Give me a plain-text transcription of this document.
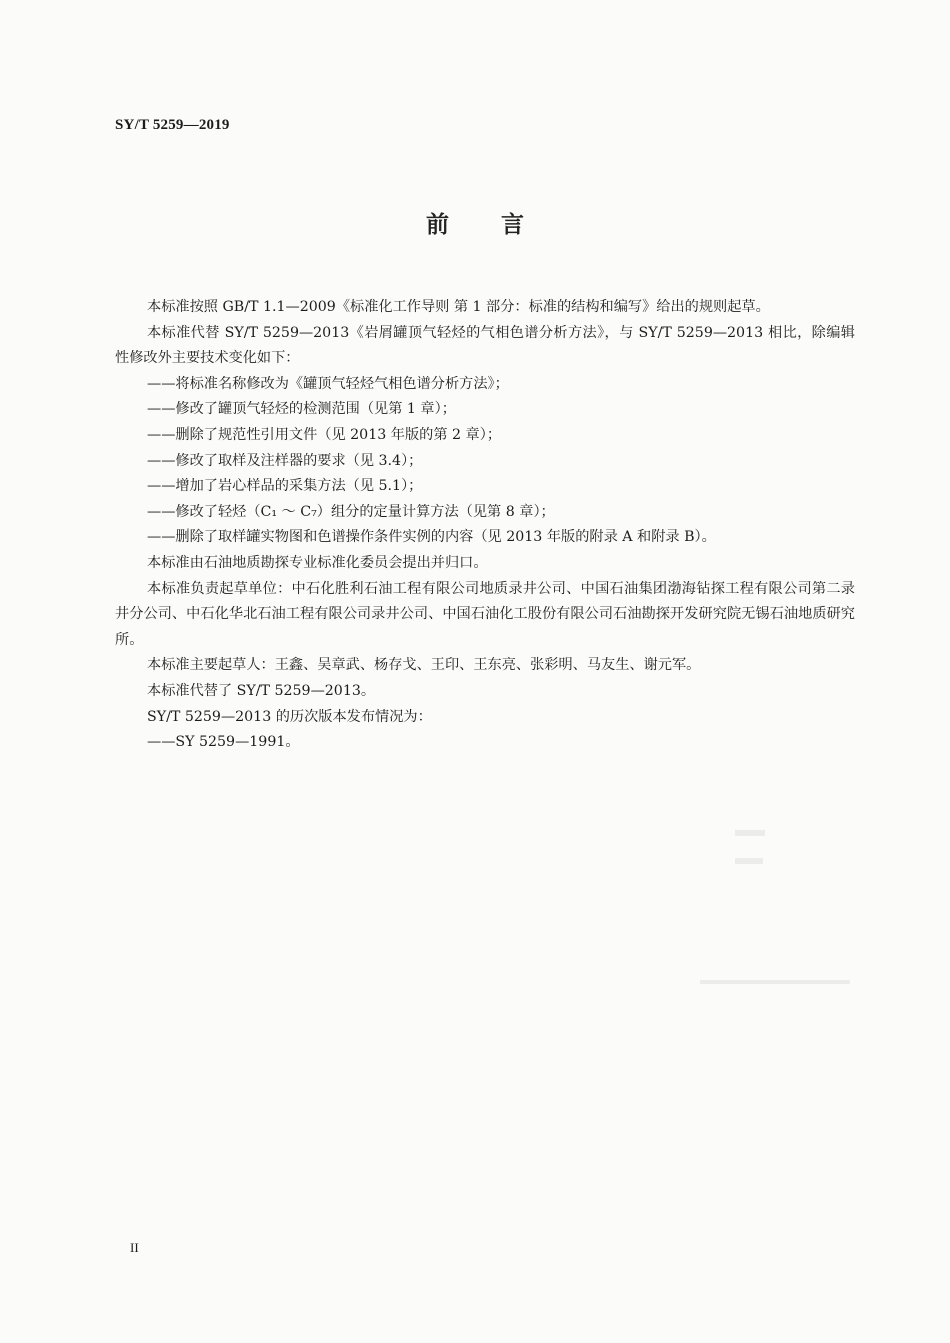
SY/T 5259—2019
前言

本标准按照 GB/T 1.1—2009《标准化工作导则 第 1 部分：标准的结构和编写》给出的规则起草。

本标准代替 SY/T 5259—2013《岩屑罐顶气轻烃的气相色谱分析方法》，与 SY/T 5259—2013 相比，除编辑性修改外主要技术变化如下：

——将标准名称修改为《罐顶气轻烃气相色谱分析方法》；

——修改了罐顶气轻烃的检测范围（见第 1 章）；

——删除了规范性引用文件（见 2013 年版的第 2 章）；

——修改了取样及注样器的要求（见 3.4）；

——增加了岩心样品的采集方法（见 5.1）；

——修改了轻烃（C₁ ～ C₇）组分的定量计算方法（见第 8 章）；

——删除了取样罐实物图和色谱操作条件实例的内容（见 2013 年版的附录 A 和附录 B）。

本标准由石油地质勘探专业标准化委员会提出并归口。

本标准负责起草单位：中石化胜利石油工程有限公司地质录井公司、中国石油集团渤海钻探工程有限公司第二录井分公司、中石化华北石油工程有限公司录井公司、中国石油化工股份有限公司石油勘探开发研究院无锡石油地质研究所。

本标准主要起草人：王鑫、吴章武、杨存戈、王印、王东亮、张彩明、马友生、谢元军。

本标准代替了 SY/T 5259—2013。

SY/T 5259—2013 的历次版本发布情况为：

——SY 5259—1991。

II
